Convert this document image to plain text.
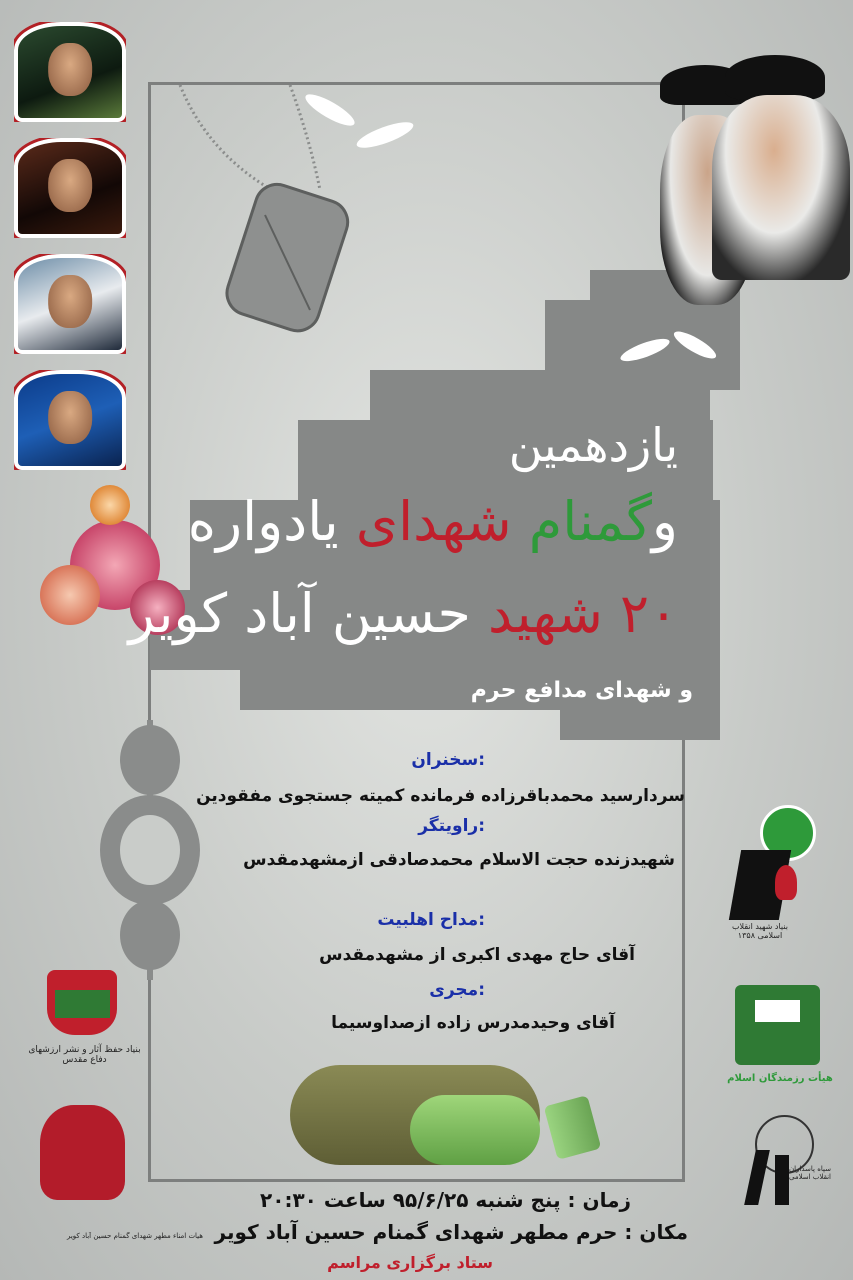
یازدهمین
وگمنام شهدای یادواره
۲۰ شهید حسین آباد کویر
و شهدای مدافع حرم
سخنران:
سردارسید محمدباقرزاده فرمانده کمیته جستجوی مفقودین
راویتگر:
شهیدزنده حجت الاسلام محمدصادقی ازمشهدمقدس
مداح اهلبیت:
آقای حاج مهدی اکبری از مشهدمقدس
مجری:
آقای وحیدمدرس زاده ازصداوسیما
بنیاد شهید انقلاب اسلامی ۱۳۵۸
هیأت رزمندگان اسلام
سپاه پاسداران انقلاب اسلامی
بنیاد حفظ آثار و نشر ارزشهای دفاع مقدس
هیات امناء مطهر شهدای گمنام حسین آباد کویر
زمان : پنج شنبه ۹۵/۶/۲۵ ساعت ۲۰:۳۰
مکان : حرم مطهر شهدای گمنام حسین آباد کویر
ستاد برگزاری مراسم
